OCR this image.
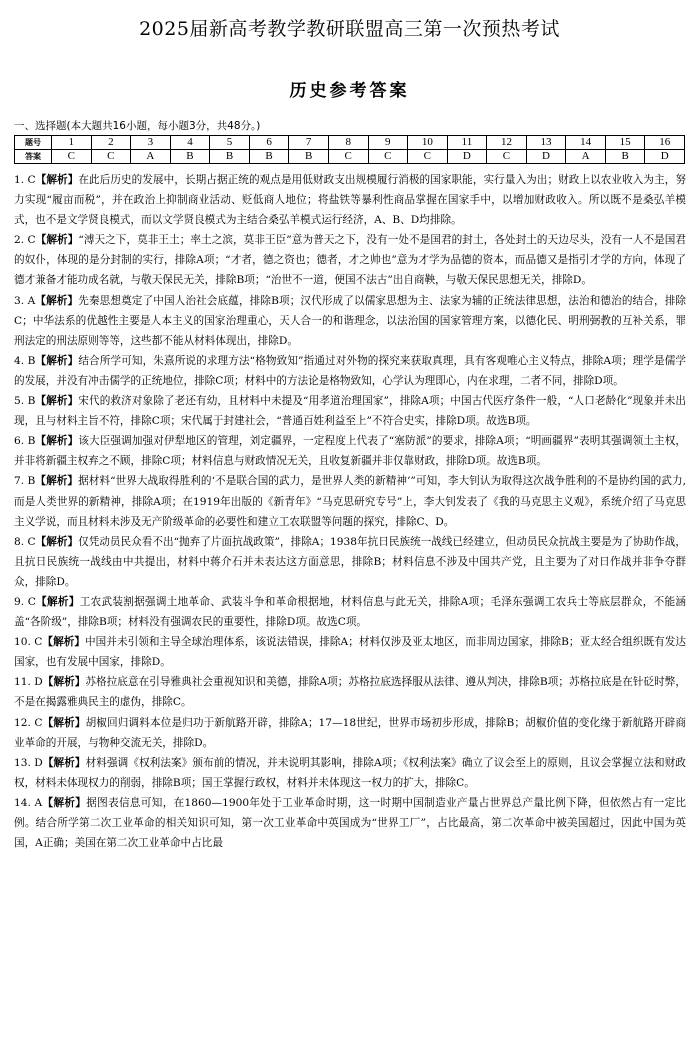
2025届新高考教学教研联盟高三第一次预热考试
历史参考答案
一、选择题(本大题共16小题，每小题3分，共48分。)
题号	1	2	3	4	5	6	7	8	9	10	11	12	13	14	15	16
答案	C	C	A	B	B	B	B	C	C	C	D	C	D	A	B	D

1. C【解析】在此后历史的发展中，长期占据正统的观点是用低财政支出规模履行消极的国家职能，实行量入为出；财政上以农业收入为主，努力实现“履亩而税”，并在政治上抑制商业活动、贬低商人地位；将盐铁等暴利性商品掌握在国家手中，以增加财政收入。所以既不是桑弘羊模式，也不是文学贤良模式，而以文学贤良模式为主结合桑弘羊模式运行经济，A、B、D均排除。

2. C【解析】“溥天之下，莫非王土；率土之滨，莫非王臣”意为普天之下，没有一处不是国君的封土，各处封土的天边尽头，没有一人不是国君的奴仆，体现的是分封制的实行，排除A项；“才者，德之资也；德者，才之帅也”意为才学为品德的资本，而品德又是指引才学的方向，体现了德才兼备才能功成名就，与敬天保民无关，排除B项；“治世不一道，便国不法古”出自商鞅，与敬天保民思想无关，排除D。

3. A【解析】先秦思想奠定了中国人治社会底蕴，排除B项；汉代形成了以儒家思想为主、法家为辅的正统法律思想，法治和德治的结合，排除C；中华法系的优越性主要是人本主义的国家治理重心，天人合一的和谐理念，以法治国的国家管理方案，以德化民、明刑弼教的互补关系，罪刑法定的刑法原则等等，这些都不能从材料体现出，排除D。

4. B【解析】结合所学可知，朱熹所说的求理方法“格物致知”指通过对外物的探究来获取真理，具有客观唯心主义特点，排除A项；理学是儒学的发展，并没有冲击儒学的正统地位，排除C项；材料中的方法论是格物致知，心学认为理即心，内在求理，二者不同，排除D项。

5. B【解析】宋代的救济对象除了老还有幼，且材料中未提及“用孝道治理国家”，排除A项；中国古代医疗条件一般，“人口老龄化”现象并未出现，且与材料主旨不符，排除C项；宋代属于封建社会，“普通百姓利益至上”不符合史实，排除D项。故选B项。

6. B【解析】该大臣强调加强对伊犁地区的管理，刘定疆界，一定程度上代表了“塞防派”的要求，排除A项；“明画疆界”表明其强调领土主权，并非将新疆主权弃之不顾，排除C项；材料信息与财政情况无关，且收复新疆并非仅靠财政，排除D项。故选B项。

7. B【解析】据材料“世界大战取得胜利的‘不是联合国的武力，是世界人类的新精神’”可知，李大钊认为取得这次战争胜利的不是协约国的武力,而是人类世界的新精神，排除A项；在1919年出版的《新青年》“马克思研究专号”上，李大钊发表了《我的马克思主义观》，系统介绍了马克思主义学说，而且材料未涉及无产阶级革命的必要性和建立工农联盟等问题的探究，排除C、D。

8. C【解析】仅凭动员民众看不出“抛弃了片面抗战政策”，排除A；1938年抗日民族统一战线已经建立，但动员民众抗战主要是为了协助作战，且抗日民族统一战线由中共提出，材料中蒋介石并未表达这方面意思，排除B；材料信息不涉及中国共产党，且主要为了对日作战并非争夺群众，排除D。

9. C【解析】工农武装割据强调土地革命、武装斗争和革命根据地，材料信息与此无关，排除A项；毛泽东强调工农兵士等底层群众，不能涵盖“各阶级”，排除B项；材料没有强调农民的重要性，排除D项。故选C项。

10. C【解析】中国并未引领和主导全球治理体系，该说法错误，排除A；材料仅涉及亚太地区，而非周边国家，排除B；亚太经合组织既有发达国家，也有发展中国家，排除D。

11. D【解析】苏格拉底意在引导雅典社会重视知识和美德，排除A项；苏格拉底选择服从法律、遵从判决，排除B项；苏格拉底是在针砭时弊，不是在揭露雅典民主的虚伪，排除C。

12. C【解析】胡椒回归调料本位是归功于新航路开辟，排除A；17—18世纪，世界市场初步形成，排除B；胡椒价值的变化缘于新航路开辟商业革命的开展，与物种交流无关，排除D。

13. D【解析】材料强调《权利法案》颁布前的情况，并未说明其影响，排除A项；《权利法案》确立了议会至上的原则，且议会掌握立法和财政权，材料未体现权力的削弱，排除B项；国王掌握行政权，材料并未体现这一权力的扩大，排除C。

14. A【解析】据图表信息可知，在1860—1900年处于工业革命时期，这一时期中国制造业产量占世界总产量比例下降，但依然占有一定比例。结合所学第二次工业革命的相关知识可知，第一次工业革命中英国成为“世界工厂”，占比最高，第二次革命中被美国超过，因此中国为英国，A正确；美国在第二次工业革命中占比最
